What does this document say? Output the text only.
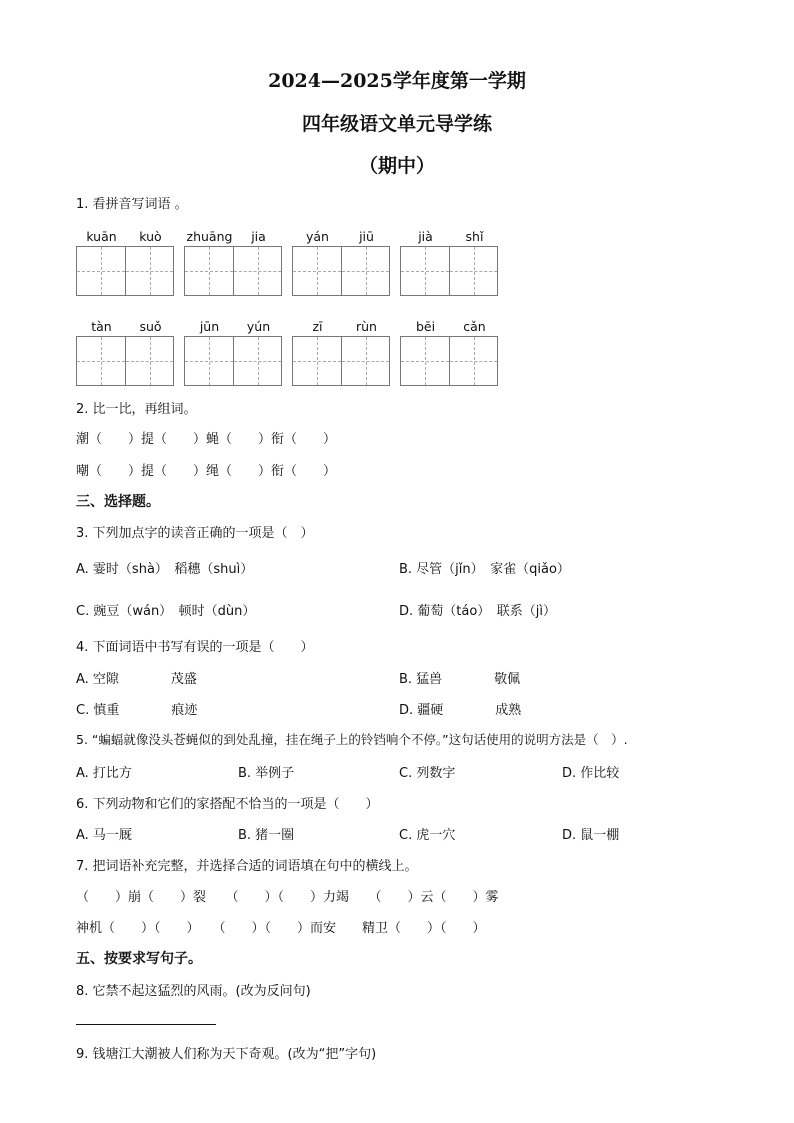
2024—2025学年度第一学期
四年级语文单元导学练
（期中）
1. 看拼音写词语 。
kuān	kuò	zhuāng	jia	yán	jiū	jià	shǐ
tàn	suǒ	jūn	yún	zī	rùn	bēi	cǎn
2. 比一比，再组词。
潮（　　）提（　　）蝇（　　）衔（　　）
嘲（　　）提（　　）绳（　　）衔（　　）
三、选择题。
3. 下列加点字的读音正确的一项是（　）
A. 霎时（shà）　稻穗（shuì）	B. 尽管（jǐn）　家雀（qiǎo）
C. 豌豆（wán）　顿时（dùn）	D. 葡萄（táo）　联系（jì）
4. 下面词语中书写有误的一项是（　　）
A. 空隙　　　　茂盛	B. 猛兽　　　　敬佩
C. 慎重　　　　痕迹	D. 疆硬　　　　成熟
5. “蝙蝠就像没头苍蝇似的到处乱撞，挂在绳子上的铃铛响个不停。”这句话使用的说明方法是（　）.
A. 打比方	B. 举例子	C. 列数字	D. 作比较
6. 下列动物和它们的家搭配不恰当的一项是（　　）
A. 马一厩	B. 猪一圈	C. 虎一穴	D. 鼠一棚
7. 把词语补充完整，并选择合适的词语填在句中的横线上。
（　　）崩（　　）裂　　（　　）（　　）力竭　　（　　）云（　　）雾
神机（　　）（　　）　　（　　）（　　）而安　　精卫（　　）（　　）
五、按要求写句子。
8. 它禁不起这猛烈的风雨。(改为反问句)
9. 钱塘江大潮被人们称为天下奇观。(改为“把”字句)
